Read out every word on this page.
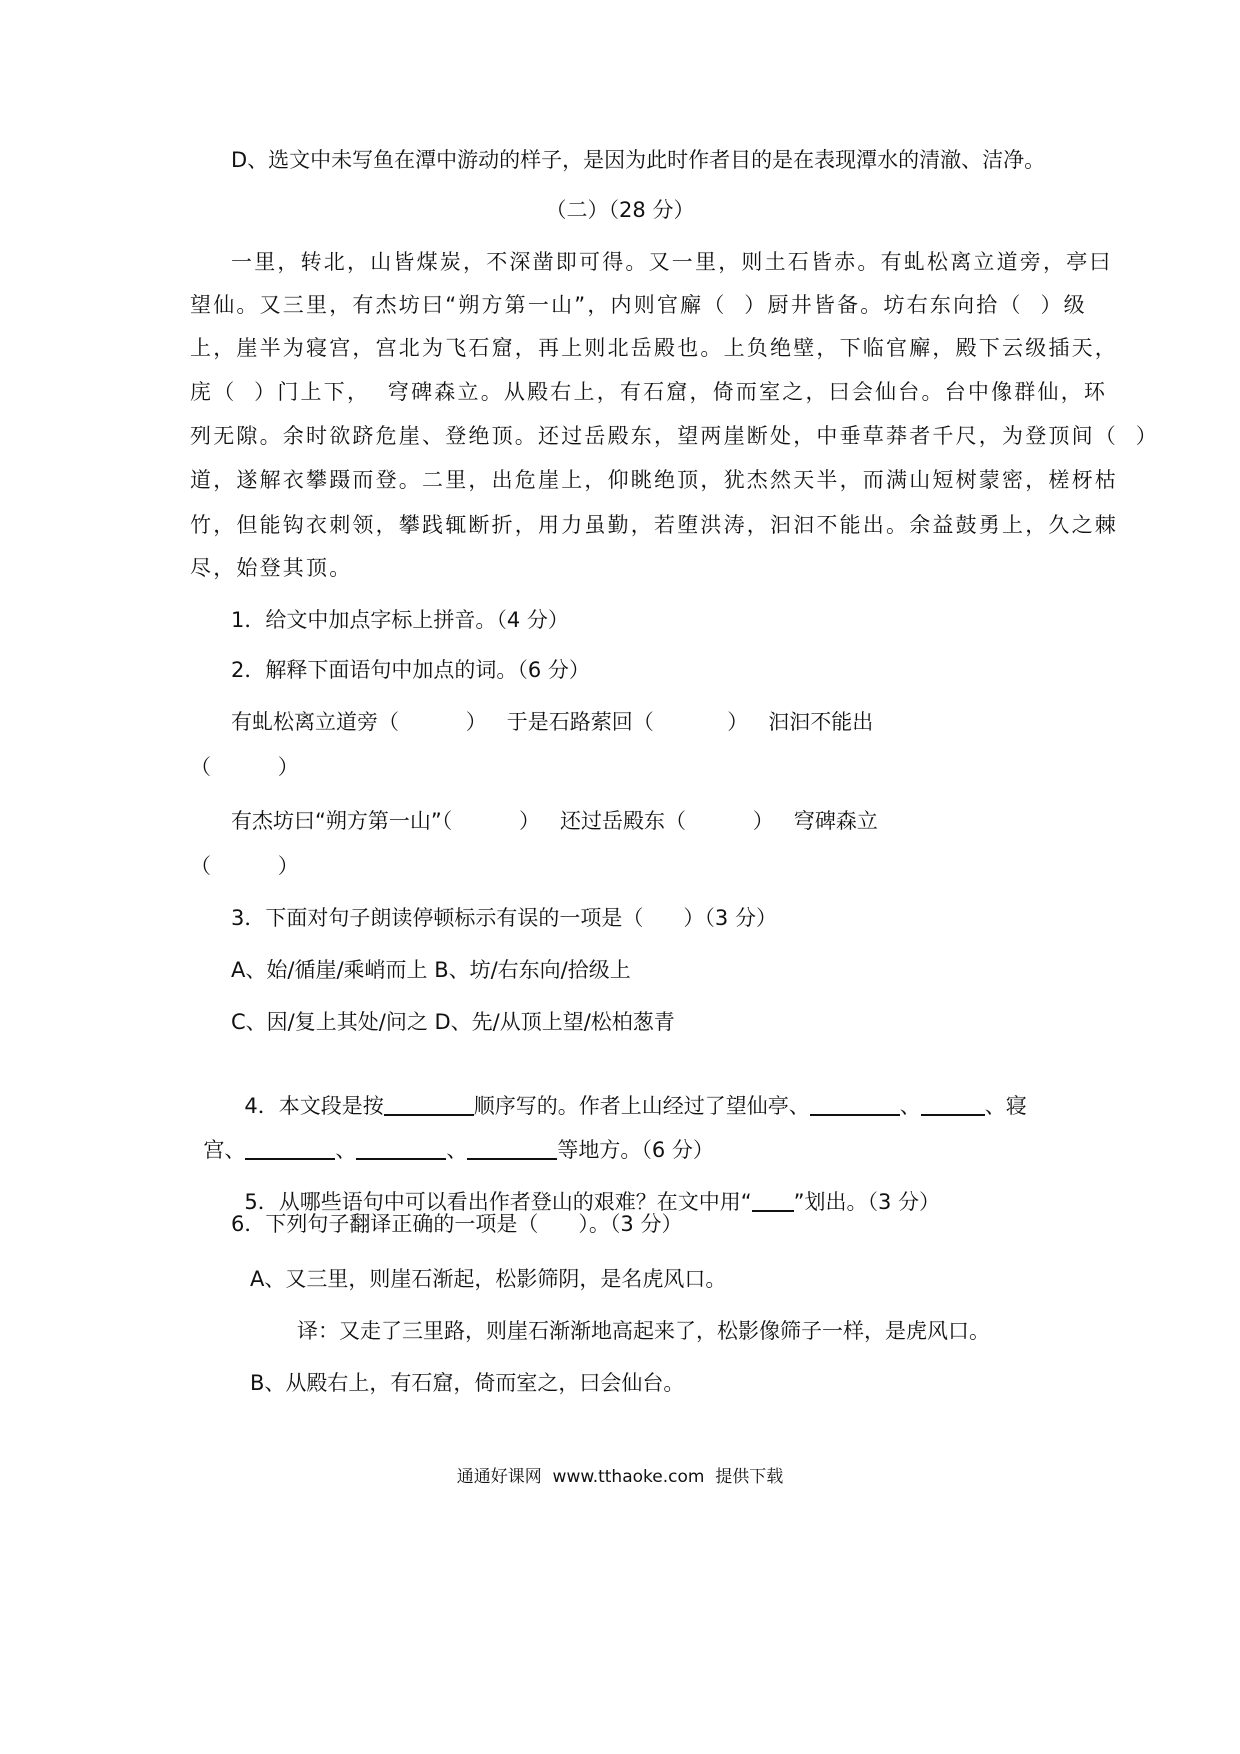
D、选文中未写鱼在潭中游动的样子，是因为此时作者目的是在表现潭水的清澈、洁净。
（二）（28 分）
一里，转北，山皆煤炭，不深凿即可得。又一里，则土石皆赤。有虬松离立道旁，亭曰
望仙。又三里，有杰坊曰“朔方第一山”，内则官廨（  ）厨井皆备。坊右东向拾（  ）级
上，崖半为寝宫，宫北为飞石窟，再上则北岳殿也。上负绝壁，下临官廨，殿下云级插天，
庑（  ）门上下，  穹碑森立。从殿右上，有石窟，倚而室之，曰会仙台。台中像群仙，环
列无隙。余时欲跻危崖、登绝顶。还过岳殿东，望两崖断处，中垂草莽者千尺，为登顶间（  ）
道，遂解衣攀蹑而登。二里，出危崖上，仰眺绝顶，犹杰然天半，而满山短树蒙密，槎枒枯
竹，但能钩衣刺领，攀践辄断折，用力虽勤，若堕洪涛，汩汩不能出。余益鼓勇上，久之棘
尽，始登其顶。
1．给文中加点字标上拼音。（4 分）
2．解释下面语句中加点的词。（6 分）
有虬松离立道旁（          ）   于是石路萦回（           ）   汩汩不能出
（          ）
有杰坊曰“朔方第一山”（          ）   还过岳殿东（          ）   穹碑森立
（          ）
3．下面对句子朗读停顿标示有误的一项是（      ）（3 分）
A、始/循崖/乘峭而上 B、坊/右东向/拾级上
C、因/复上其处/问之 D、先/从顶上望/松柏葱青

4．本文段是按	顺序写的。作者上山经过了望仙亭、	、	、寝

宫、	、	、	等地方。（6 分）

5．从哪些语句中可以看出作者登山的艰难？在文中用“ ”划出。（3 分）

6．下列句子翻译正确的一项是（      ）。（3 分）
A、又三里，则崖石渐起，松影筛阴，是名虎风口。
译：又走了三里路，则崖石渐渐地高起来了，松影像筛子一样，是虎风口。
B、从殿右上，有石窟，倚而室之，曰会仙台。
通通好课网  www.tthaoke.com  提供下载
